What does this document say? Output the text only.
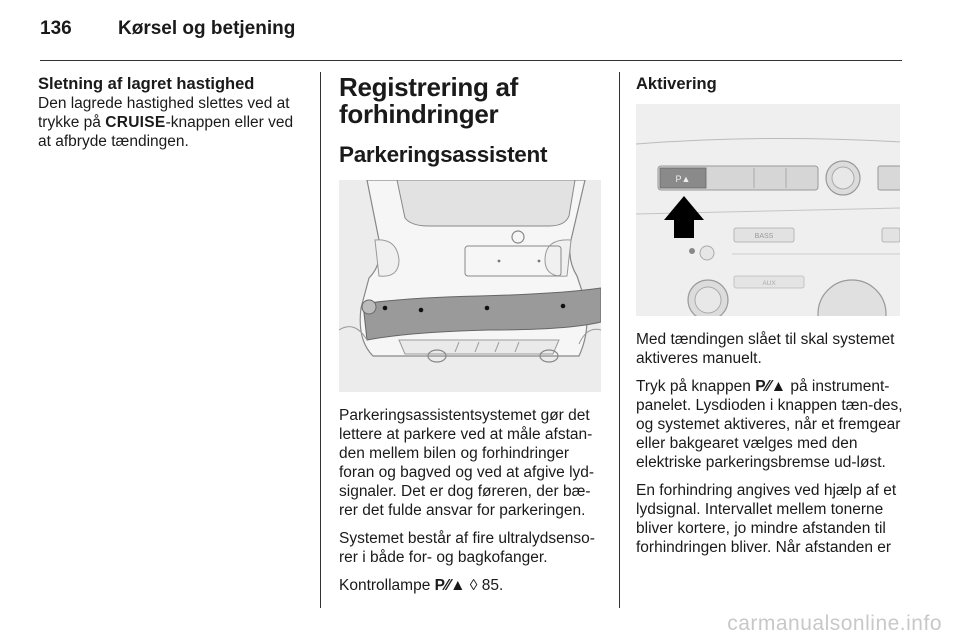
136 Kørsel og betjening

Sletning af lagret hastighed

Den lagrede hastighed slettes ved at trykke på CRUISE-knappen eller ved at afbryde tændingen.

Registrering af forhindringer

Parkeringsassistent

Parkeringsassistentsystemet gør det lettere at parkere ved at måle afstan-den mellem bilen og forhindringer foran og bagved og ved at afgive lyd-signaler. Det er dog føreren, der bæ-rer det fulde ansvar for parkeringen.

Systemet består af fire ultralydsenso-rer i både for- og bagkofanger.

Kontrollampe P⁄⁄▲ ◊ 85.

Aktivering

P▲
BASS
AUX

Med tændingen slået til skal systemet aktiveres manuelt.

Tryk på knappen P⁄⁄▲ på instrument-panelet. Lysdioden i knappen tæn-des, og systemet aktiveres, når et fremgear eller bakgearet vælges med den elektriske parkeringsbremse ud-løst.

En forhindring angives ved hjælp af et lydsignal. Intervallet mellem tonerne bliver kortere, jo mindre afstanden til forhindringen bliver. Når afstanden er

carmanualsonline.info
